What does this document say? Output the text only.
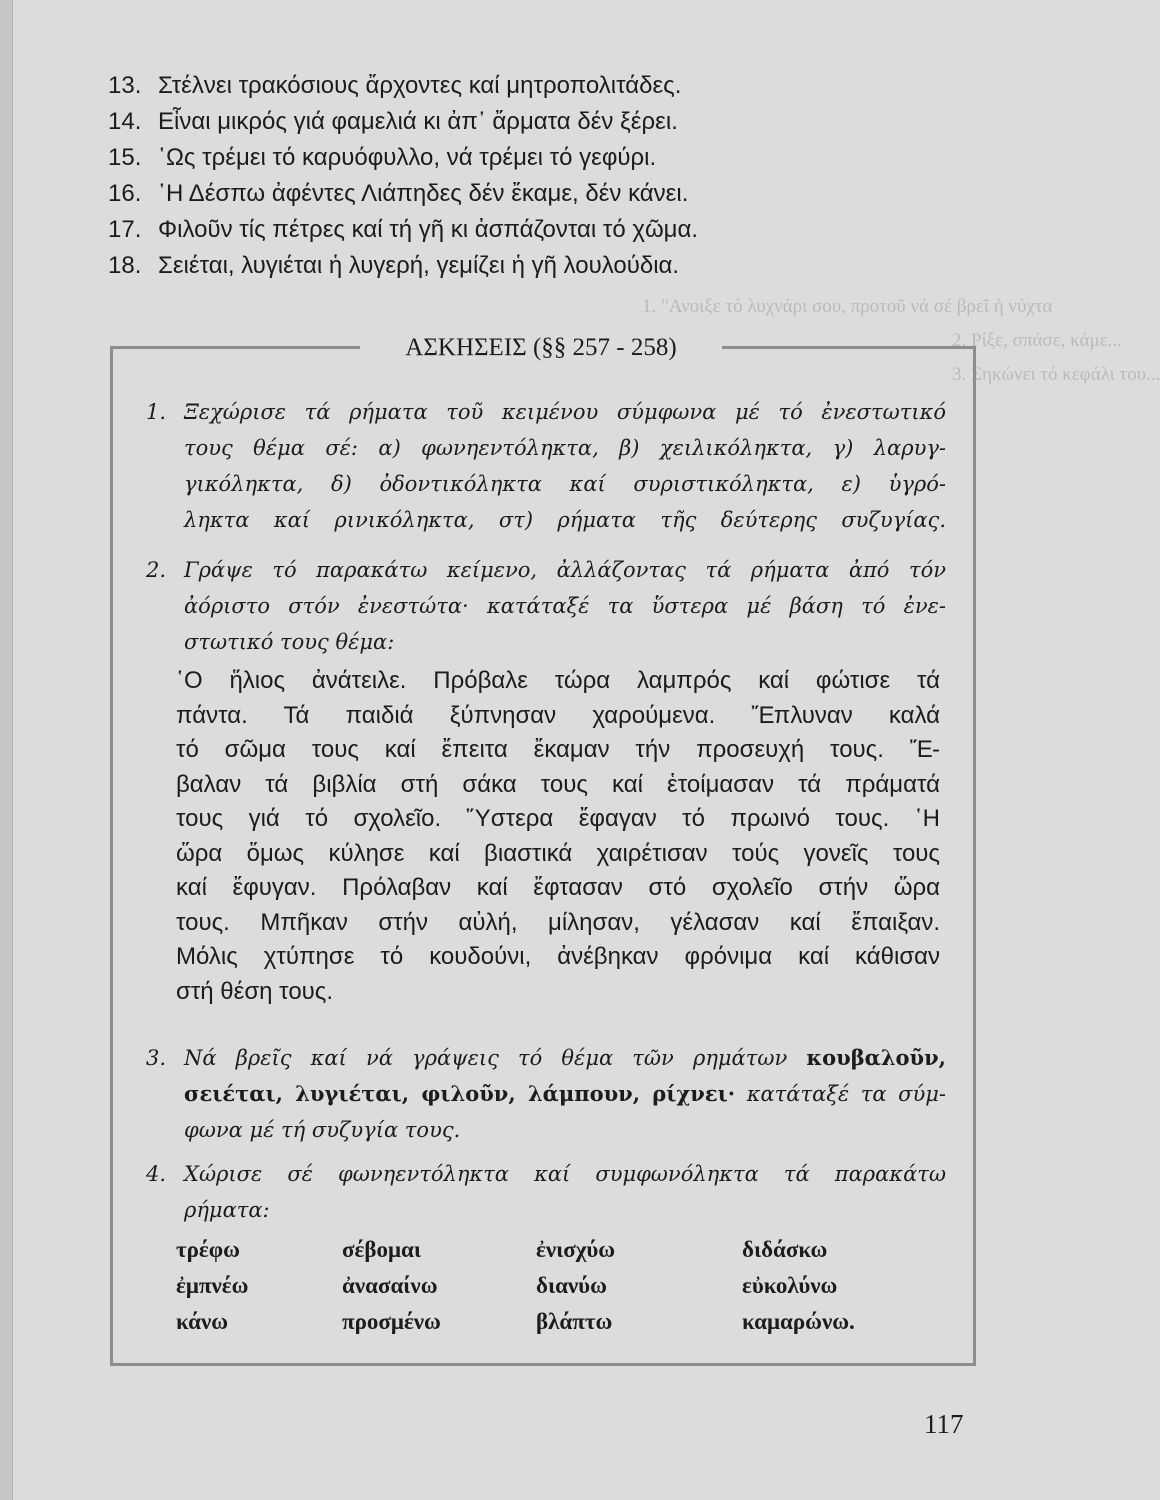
1. "Ανοιξε τό λυχνάρι σου, προτοῦ νά σέ βρεῖ ἡ νύχτα
2. Ρίξε, σπάσε, κάμε...
3. Σηκώνει τό κεφάλι του...
13. Στέλνει τρακόσιους ἄρχοντες καί μητροπολιτάδες.
14. Εἶναι μικρός γιά φαμελιά κι ἀπ᾽ ἄρματα δέν ξέρει.
15. ῾Ως τρέμει τό καρυόφυλλο, νά τρέμει τό γεφύρι.
16. ῾Η Δέσπω ἀφέντες Λιάπηδες δέν ἔκαμε, δέν κάνει.
17. Φιλοῦν τίς πέτρες καί τή γῆ κι ἀσπάζονται τό χῶμα.
18. Σειέται, λυγιέται ἡ λυγερή, γεμίζει ἡ γῆ λουλούδια.
ΑΣΚΗΣΕΙΣ (§§ 257 - 258)
1. Ξεχώρισε τά ρήματα τοῦ κειμένου σύμφωνα μέ τό ἐνεστωτικό
τους θέμα σέ: α) φωνηεντόληκτα, β) χειλικόληκτα, γ) λαρυγ-
γικόληκτα, δ) ὀδοντικόληκτα καί συριστικόληκτα, ε) ὑγρό-
ληκτα καί ρινικόληκτα, στ) ρήματα τῆς δεύτερης συζυγίας.
2. Γράψε τό παρακάτω κείμενο, ἀλλάζοντας τά ρήματα ἀπό τόν
ἀόριστο στόν ἐνεστώτα· κατάταξέ τα ὕστερα μέ βάση τό ἐνε-
στωτικό τους θέμα:
῾Ο ἥλιος ἀνάτειλε. Πρόβαλε τώρα λαμπρός καί φώτισε τά
πάντα. Τά παιδιά ξύπνησαν χαρούμενα. Ἔπλυναν καλά
τό σῶμα τους καί ἔπειτα ἔκαμαν τήν προσευχή τους. Ἔ-
βαλαν τά βιβλία στή σάκα τους καί ἑτοίμασαν τά πράματά
τους γιά τό σχολεῖο. Ὕστερα ἔφαγαν τό πρωινό τους. ῾Η
ὥρα ὅμως κύλησε καί βιαστικά χαιρέτισαν τούς γονεῖς τους
καί ἔφυγαν. Πρόλαβαν καί ἔφτασαν στό σχολεῖο στήν ὥρα
τους. Μπῆκαν στήν αὐλή, μίλησαν, γέλασαν καί ἔπαιξαν.
Μόλις χτύπησε τό κουδούνι, ἀνέβηκαν φρόνιμα καί κάθισαν
στή θέση τους.
3. Νά βρεῖς καί νά γράψεις τό θέμα τῶν ρημάτων κουβαλοῦν,
σειέται, λυγιέται, φιλοῦν, λάμπουν, ρίχνει· κατάταξέ τα σύμ-
φωνα μέ τή συζυγία τους.
4. Χώρισε σέ φωνηεντόληκτα καί συμφωνόληκτα τά παρακάτω
ρήματα:
τρέφω	σέβομαι	ἐνισχύω	διδάσκω
ἐμπνέω	ἀνασαίνω	διανύω	εὐκολύνω
κάνω	προσμένω	βλάπτω	καμαρώνω.
117
